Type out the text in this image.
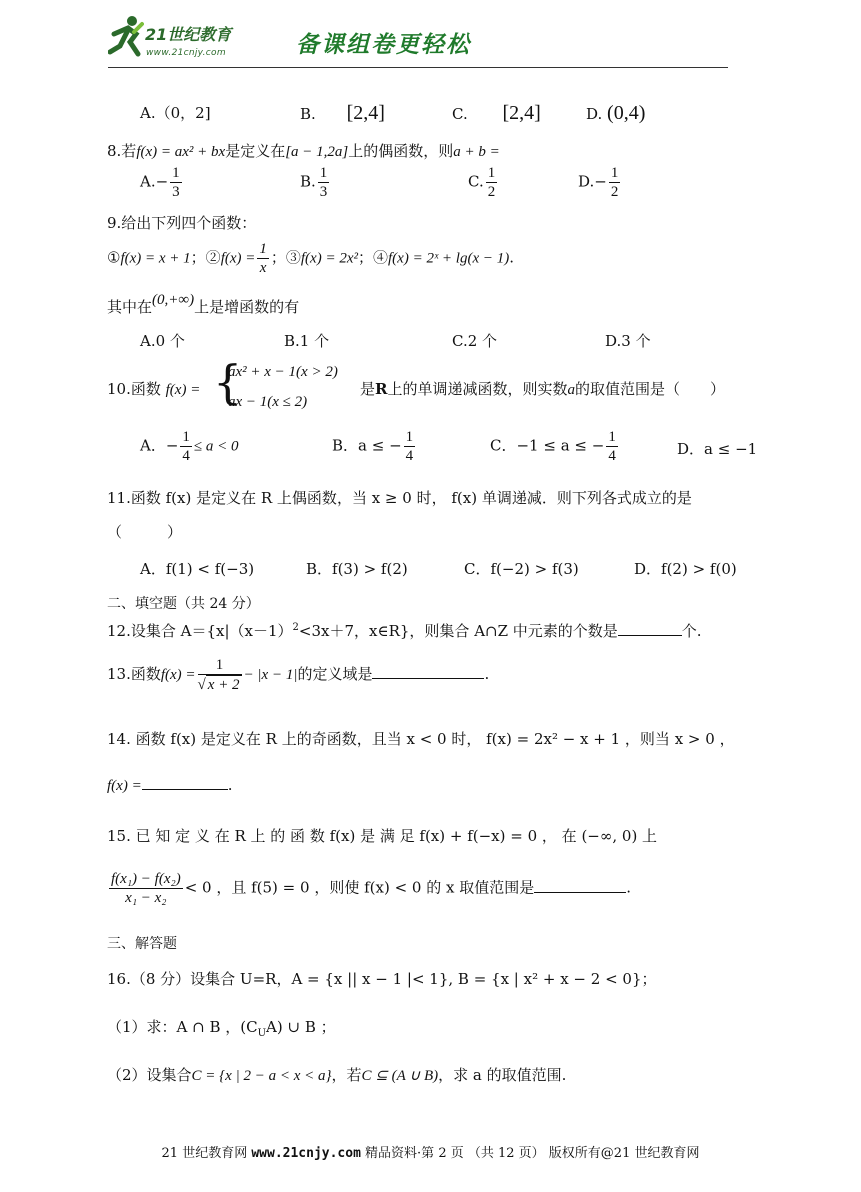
21世纪教育
www.21cnjy.com	备课组卷更轻松
A.（0，2]	B. [2,4]	C. [2,4]	D. (0,4)
8.若f(x) = ax² + bx是定义在[a − 1,2a]上的偶函数，则a + b =
$A.- \frac{1}{3}$	B. $\frac{1}{3}$	C. $\frac{1}{2}$	$D.- \frac{1}{2}$
9.给出下列四个函数：
①f(x) = x + 1；②f(x) = $\frac{1}{x}$ ；③f(x) = 2x²；④f(x) = 2ˣ + lg(x − 1).
其中在(0,+∞)上是增函数的有
A.0 个	B.1 个	C.2 个	D.3 个
10.函数 f(x) = {
ax² + x − 1(x > 2)
ax − 1(x ≤ 2)
是R上的单调递减函数，则实数a的取值范围是（　　）
A．− $\frac{1}{4} \le a < 0$	B．a ≤ − $\frac{1}{4}$	C．−1 ≤ a ≤ − $\frac{1}{4}$	D．a ≤ −1
11.函数 f(x) 是定义在 R 上偶函数，当 x ≥ 0 时， f(x) 单调递减．则下列各式成立的是
（　　　）
A．f(1) < f(−3)	B．f(3) > f(2)	C．f(−2) > f(3)	D．f(2) > f(0)
二、填空题（共 24 分）
12.设集合 $A=\{x|(x-1)^2<3x+7$，x∈R}，则集合 A∩Z 中元素的个数是	个.
13.函数$f(x) = \frac{1}{√ x + 2} - |x - 1|$的定义域是	.
14. 函数 f(x) 是定义在 R 上的奇函数，且当 x < 0 时， f(x) = 2x² − x + 1 ，则当 x > 0 ，
f(x) =	.
15. 已 知 定 义 在 R 上 的 函 数 f(x) 是 满 足 f(x) + f(−x) = 0 ， 在 (−∞, 0) 上
$\frac{\text{f(x₁) − f(x₂)}}{\text{x₁ − x₂}} < 0$ ，且 f(5) = 0 ，则使 f(x) < 0 的 x 取值范围是	.
三、解答题
16.（8 分）设集合 U=R，A = {x || x − 1 |< 1}, B = {x | x² + x − 2 < 0}；
（1）求：A ∩ B ，$(C_UA)$ ∪ B ；
（2）设集合C = {x | 2 − a < x < a}，若C ⊆ (A ∪ B)，求 a 的取值范围.
21 世纪教育网 www.21cnjy.com 精品资料·第 2 页 （共 12 页） 版权所有@21 世纪教育网
